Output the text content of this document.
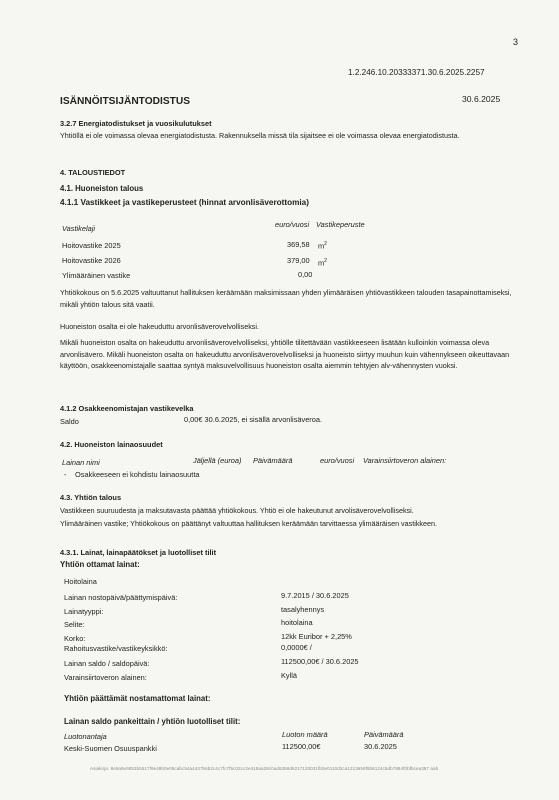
3
1.2.246.10.20333371.30.6.2025.2257
ISÄNNÖITSIJÄNTODISTUS	30.6.2025
3.2.7 Energiatodistukset ja vuosikulutukset
Yhtiöllä ei ole voimassa olevaa energiatodistusta. Rakennuksella missä tila sijaitsee ei ole voimassa olevaa energiatodistusta.
4. TALOUSTIEDOT
4.1. Huoneiston talous
4.1.1 Vastikkeet ja vastikeperusteet (hinnat arvonlisäverottomia)
Vastikelaji	euro/vuosi Vastikeperuste
Hoitovastike 2025	369,58 $m^2$
Hoitovastike 2026	379,00 $m^2$
Ylimääräinen vastike	0,00
Yhtiökokous on 5.6.2025 valtuuttanut hallituksen keräämään maksimissaan yhden ylimääräisen yhtiövastikkeen talouden tasapainottamiseksi, mikäli yhtiön talous sitä vaatii.
Huoneiston osalta ei ole hakeuduttu arvonlisäverovelvolliseksi.
Mikäli huoneiston osalta on hakeuduttu arvonlisäverovelvolliseksi, yhtiölle tilitettävään vastikkeeseen lisätään kulloinkin voimassa oleva arvonlisävero. Mikäli huoneiston osalta on hakeuduttu arvonlisäverovelvolliseksi ja huoneisto siirtyy muuhun kuin vähennykseen oikeuttavaan käyttöön, osakkeenomistajalle saattaa syntyä maksuvelvollisuus huoneiston osalta aiemmin tehtyjen alv-vähennysten vuoksi.
4.1.2 Osakkeenomistajan vastikevelka
Saldo	0,00€ 30.6.2025, ei sisällä arvonlisäveroa.
4.2. Huoneiston lainaosuudet
Lainan nimi	Jäljellä (euroa) Päivämäärä	euro/vuosi Varainsiirtoveron alainen:
- Osakkeeseen ei kohdistu lainaosuutta
4.3. Yhtiön talous
Vastikkeen suuruudesta ja maksutavasta päättää yhtiökokous. Yhtiö ei ole hakeutunut arvolisäverovelvolliseksi.
Ylimääräinen vastike; Yhtiökokous on päättänyt valtuuttaa hallituksen keräämään tarvittaessa ylimääräisen vastikkeen.
4.3.1. Lainat, lainapäätökset ja luotolliset tilit
Yhtiön ottamat lainat:
Hoitolaina
Lainan nostopäivä/päättymispäivä:	9.7.2015 / 30.6.2025
Lainatyyppi:	tasalyhennys
Selite:	hoitolaina
Korko:	12kk Euribor + 2,25%
Rahoitusvastike/vastikeyksikkö:	0,0000€ /
Lainan saldo / saldopäivä:	112500,00€ / 30.6.2025
Varainsiirtoveron alainen:	Kyllä
Yhtiön päättämät nostamattomat lainat:
Lainan saldo pankeittain / yhtiön luotolliset tilit:
Luotonantaja	Luoton määrä	Päivämäärä
Keski-Suomen Osuuspankki	112500,00€	30.6.2025
Asiakirja: 8e5a9e9853b5517f9e48b0e05cabc54a4437b6b2c4c7fc7f5c02cc2e419aa28c0ad6358d6217120031fb0e0110d2ca1213659f5b6124c5db7884f0bfbcea387 aab
